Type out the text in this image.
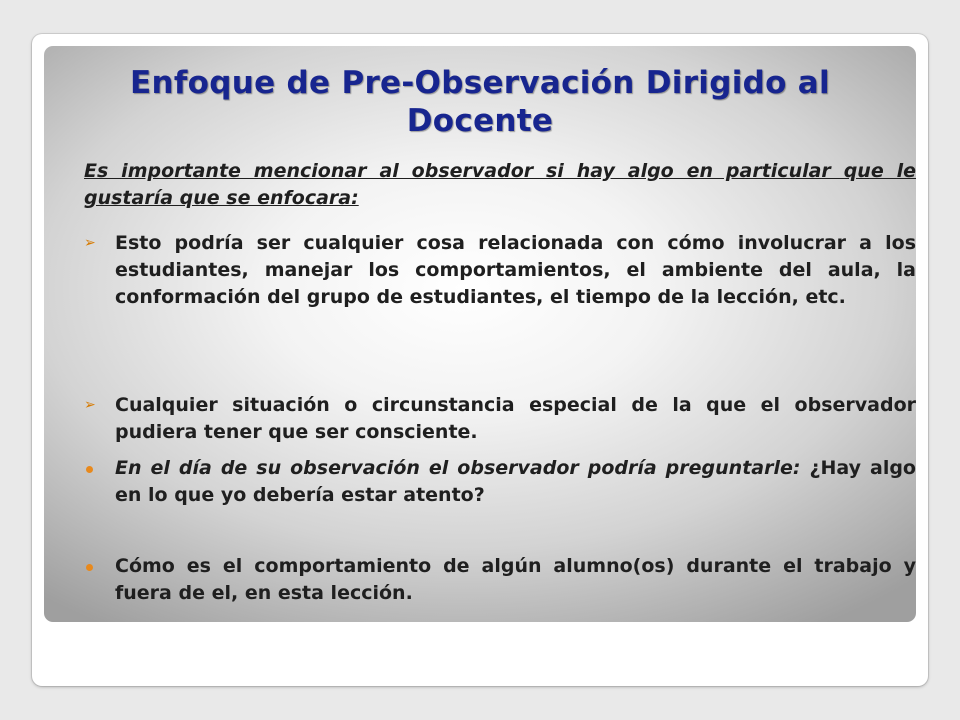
Enfoque de Pre-Observación Dirigido al Docente

Es importante mencionar al observador si hay algo en particular que le gustaría que se enfocara:

➢	Esto podría ser cualquier cosa relacionada con cómo involucrar a los estudiantes, manejar los comportamientos, el ambiente del aula, la conformación del grupo de estudiantes, el tiempo de la lección, etc.
➢	Cualquier situación o circunstancia especial de la que el observador pudiera tener que ser consciente.
En el día de su observación el observador podría preguntarle: ¿Hay algo en lo que yo debería estar atento?
Cómo es el comportamiento de algún alumno(os) durante el trabajo y fuera de el, en esta lección.
